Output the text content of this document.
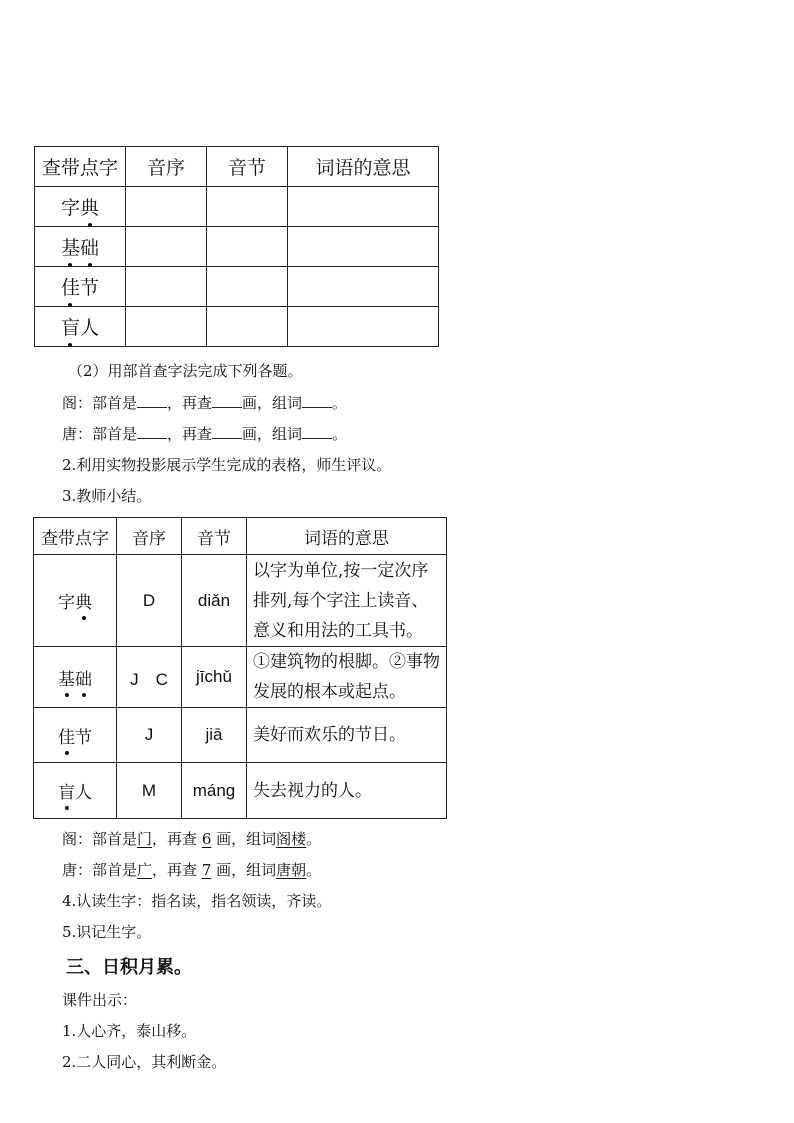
查带点字	音序	音节	词语的意思
字典			
基础			
佳节			
盲人			
（2）用部首查字法完成下列各题。
阁：部首是 ，再查 画，组词 。
唐：部首是 ，再查 画，组词 。
2.利用实物投影展示学生完成的表格，师生评议。
3.教师小结。
查带点字	音序	音节	词语的意思
字典	D	diǎn	以字为单位,按一定次序排列,每个字注上读音、意义和用法的工具书。
基础	J　C	jīchǔ	①建筑物的根脚。②事物发展的根本或起点。
佳节	J	jiā	美好而欢乐的节日。
盲人	M	máng	失去视力的人。
阁：部首是门，再查 6 画，组词阁楼。
唐：部首是广，再查 7 画，组词唐朝。
4.认读生字：指名读，指名领读，齐读。
5.识记生字。
三、日积月累。
课件出示：
1.人心齐，泰山移。
2.二人同心，其利断金。
